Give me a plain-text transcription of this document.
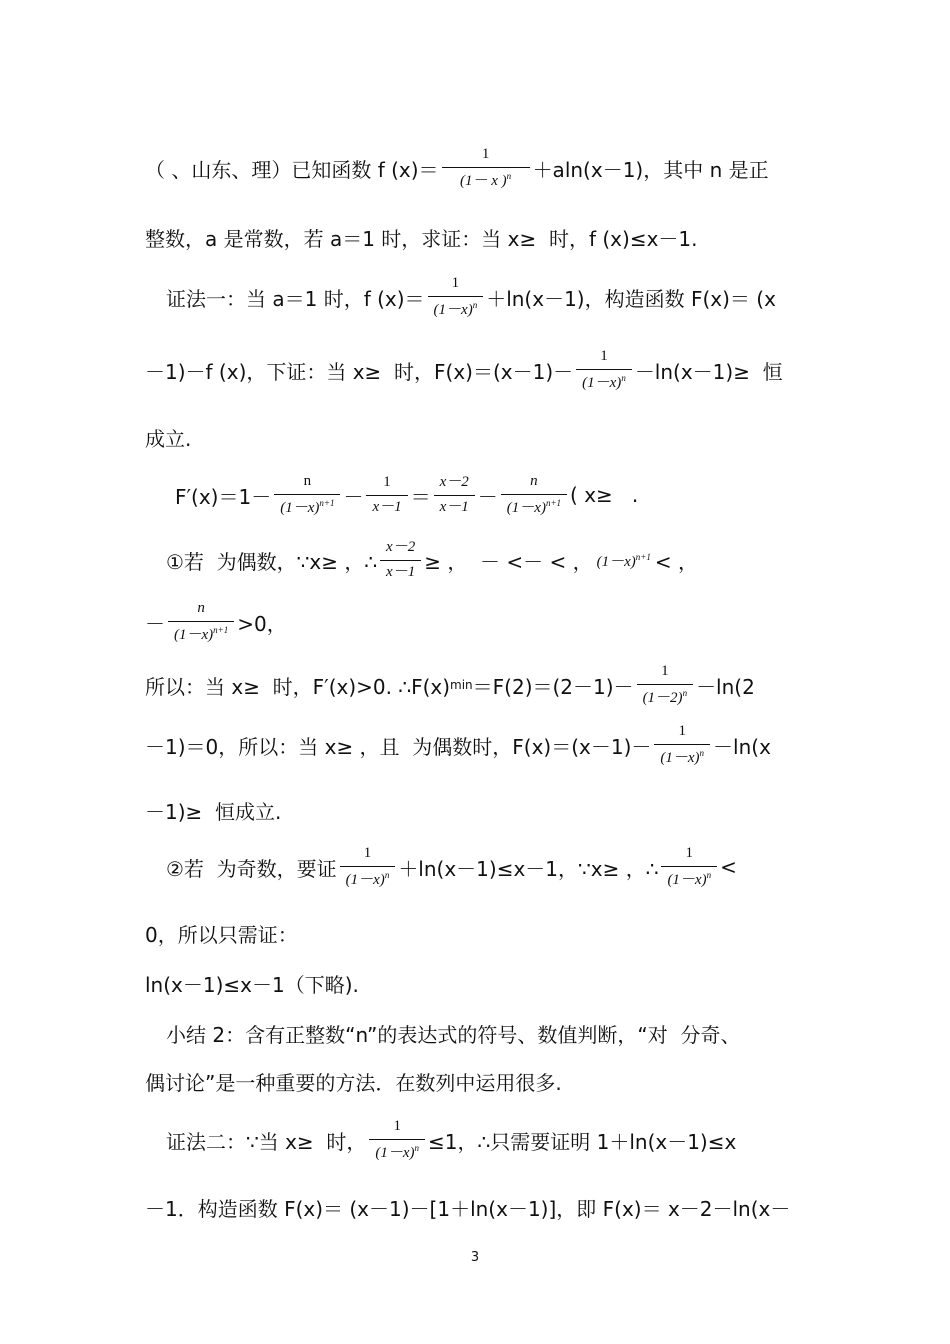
（ 、山东、理）已知函数 f $(x)= \frac{1}{(1- x )^n} +aln(x-1)$，其中 n 是正
整数，a 是常数，若 a＝1 时，求证：当 x≥  时，f (x)≤x－1.
证法一：当 a＝1 时，f $(x)= \frac{1}{(1-x)^n} +\ln(x-1)$，构造函数 F(x)＝ (x
－1)－f (x)，下证：当 x≥  时，$F(x)=(x-1)- \frac{1}{(1-x)^n} -\ln(x-1)\ge$  恒
成立.
$F'(x)=1- \frac{n}{(1-x)^{n+1}} - \frac{1}{x-1} = \frac{x-2}{x-1} - \frac{n}{(1-x)^{n+1}}$ ( x≥   .
①若  为偶数，∵x≥ ，∴ $\frac{x-2}{x-1}$ ≥ ，  － <－ < ， $(1-x)^{n+1}$ < ，
－ $\frac{n}{(1-x)^{n+1}} >0$，
所以：当 x≥  时，F′(x)>0. ∴F(x) $\min =F(2)=(2-1)- \frac{1}{(1-2)^n} -\ln(2$
－1)＝0，所以：当 x≥ ，且  为偶数时，$F(x)=(x-1)- \frac{1}{(1-x)^n} -\ln(x$
－1)≥  恒成立.
②若  为奇数，要证 $\frac{1}{(1-x)^n} +\ln(x-1)\le x-1$，∵x≥ ，∴ $\frac{1}{(1-x)^n}$ <
0，所以只需证：
ln(x－1)≤x－1（下略).
小结 2：含有正整数“n”的表达式的符号、数值判断，“对  分奇、
偶讨论”是一种重要的方法．在数列中运用很多.
证法二：∵当 x≥  时， $\frac{1}{(1-x)^n} \le 1$，∴只需要证明 1＋ln(x－1)≤x
－1．构造函数 F(x)＝ (x－1)－[1＋ln(x－1)]，即 F(x)＝ x－2－ln(x－
3
